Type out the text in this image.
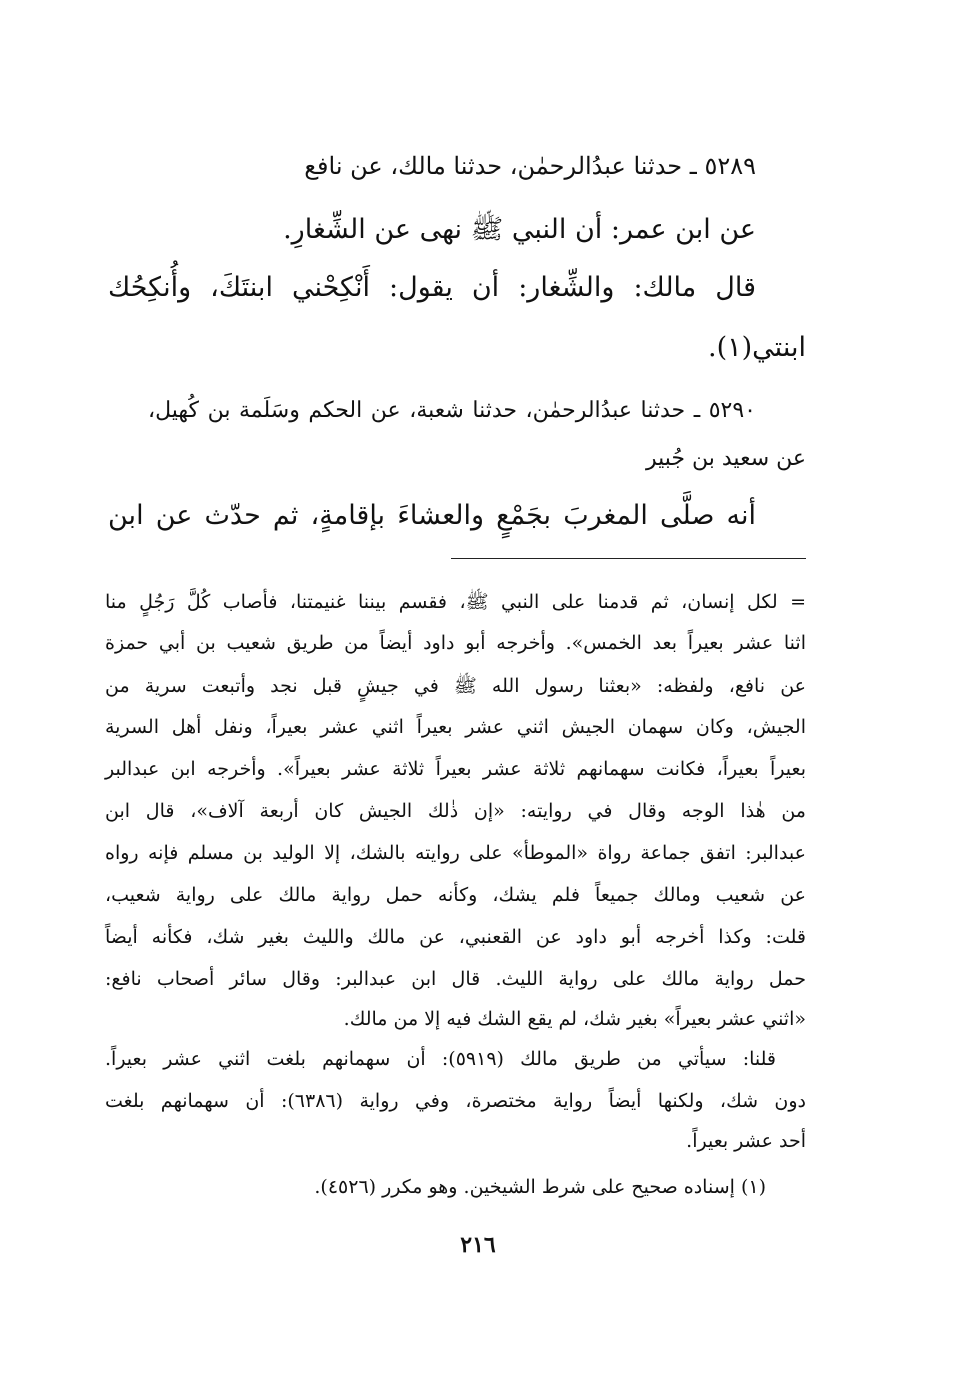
٥٢٨٩ ـ حدثنا عبدُالرحمٰن، حدثنا مالك، عن نافع
عن ابن عمر: أن النبي ﷺ نهى عن الشِّغارِ.
قال مالك: والشِّغار: أن يقول: أَنْكِحْني ابنتَكَ، وأُنكِحُك
ابنتي(١).
٥٢٩٠ ـ حدثنا عبدُالرحمٰن، حدثنا شعبة، عن الحكم وسَلَمة بن كُهيل،
عن سعيد بن جُبير
أنه صلَّى المغربَ بجَمْعٍ والعشاءَ بإقامةٍ، ثم حدّث عن ابن
= لكل إنسان، ثم قدمنا على النبي ﷺ، فقسم بيننا غنيمتنا، فأصاب كُلَّ رَجُلٍ منا
اثنا عشر بعيراً بعد الخمس». وأخرجه أبو داود أيضاً من طريق شعيب بن أبي حمزة
عن نافع، ولفظه: «بعثنا رسول الله ﷺ في جيشٍ قبل نجد وأتبعت سرية من
الجيش، وكان سهمان الجيش اثني عشر بعيراً اثني عشر بعيراً، ونفل أهل السرية
بعيراً بعيراً، فكانت سهمانهم ثلاثة عشر بعيراً ثلاثة عشر بعيراً». وأخرجه ابن عبدالبر
من هٰذا الوجه وقال في روايته: «إن ذٰلك الجيش كان أربعة آلاف»، قال ابن
عبدالبر: اتفق جماعة رواة «الموطأ» على روايته بالشك، إلا الوليد بن مسلم فإنه رواه
عن شعيب ومالك جميعاً فلم يشك، وكأنه حمل رواية مالك على رواية شعيب،
قلت: وكذا أخرجه أبو داود عن القعنبي، عن مالك والليث بغير شك، فكأنه أيضاً
حمل رواية مالك على رواية الليث. قال ابن عبدالبر: وقال سائر أصحاب نافع:
«اثني عشر بعيراً» بغير شك، لم يقع الشك فيه إلا من مالك.
قلنا: سيأتي من طريق مالك (٥٩١٩): أن سهمانهم بلغت اثني عشر بعيراً.
دون شك، ولكنها أيضاً رواية مختصرة، وفي رواية (٦٣٨٦): أن سهمانهم بلغت
أحد عشر بعيراً.
(١) إسناده صحيح على شرط الشيخين. وهو مكرر (٤٥٢٦).
٢١٦
